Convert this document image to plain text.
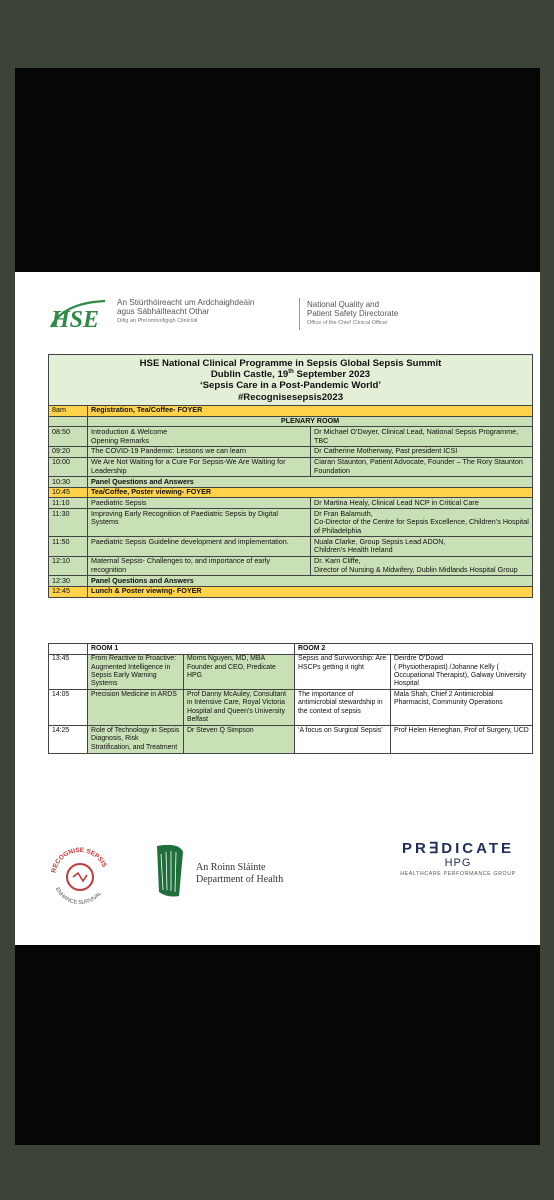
HSE
An Stiúrthóireacht um Ardchaighdeáin
agus Sábháilteacht Othar
Oifig an Phríomhoifigigh Cliniciúil
National Quality and
Patient Safety Directorate
Office of the Chief Clinical Officer
HSE National Clinical Programme in Sepsis Global Sepsis Summit
Dublin Castle, 19th September 2023
‘Sepsis Care in a Post-Pandemic World’
#Recognisesepsis2023		
8am	Registration, Tea/Coffee- FOYER	
	PLENARY ROOM	
08:50	Introduction & Welcome
Opening Remarks	Dr Michael O’Dwyer, Clinical Lead, National Sepsis Programme, TBC
09:20	The COVID-19 Pandemic: Lessons we can learn	Dr Catherine Motherway, Past president ICSI
10:00	We Are Not Waiting for a Cure For Sepsis-We Are Waiting for Leadership	Ciaran Staunton, Patient Advocate, Founder – The Rory Staunton Foundation
10:30	Panel Questions and Answers	
10:45	Tea/Coffee, Poster viewing- FOYER	
11:10	Paediatric Sepsis	Dr Martina Healy, Clinical Lead NCP in Critical Care
11:30	Improving Early Recognition of Paediatric Sepsis by Digital Systems	Dr Fran Balamuth,
Co-Director of the Centre for Sepsis Excellence, Children’s Hospital of Philadelphia
11:50	Paediatric Sepsis Guideline development and implementation.	Nuala Clarke, Group Sepsis Lead ADON,
Children’s Health Ireland
12:10	Maternal Sepsis- Challenges to, and importance of early recognition	Dr. Karn Cliffe,
Director of Nursing & Midwifery, Dublin Midlands Hospital Group
12:30	Panel Questions and Answers	
12:45	Lunch & Poster viewing- FOYER	
	ROOM 1		ROOM 2	
13:45	From Reactive to Proactive: Augmented Intelligence in Sepsis Early Warning Systems	Morris Nguyen, MD, MBA Founder and CEO, Predicate HPG	Sepsis and Survivorship: Are HSCPs getting it right	Deirdre O’Dowd
( Physiotherapist) /Johanne Kelly ( Occupational Therapist), Galway University Hospital
14:05	Precision Medicine in ARDS	Prof Danny McAuley, Consultant in Intensive Care, Royal Victoria Hospital and Queen’s University Belfast	The importance of antimicrobial stewardship in the context of sepsis	Mala Shah, Chief 2 Antimicrobial Pharmacist, Community Operations
14:25	Role of Technology in Sepsis Diagnosis, Risk Stratification, and Treatment	Dr Steven Q Simpson	‘A focus on Surgical Sepsis’	Prof Helen Heneghan, Prof of Surgery, UCD
RECOGNISE SEPSIS
ENHANCE SURVIVAL
An Roinn Sláinte
Department of Health
PR∃DICATE
HPG
HEALTHCARE PERFORMANCE GROUP
